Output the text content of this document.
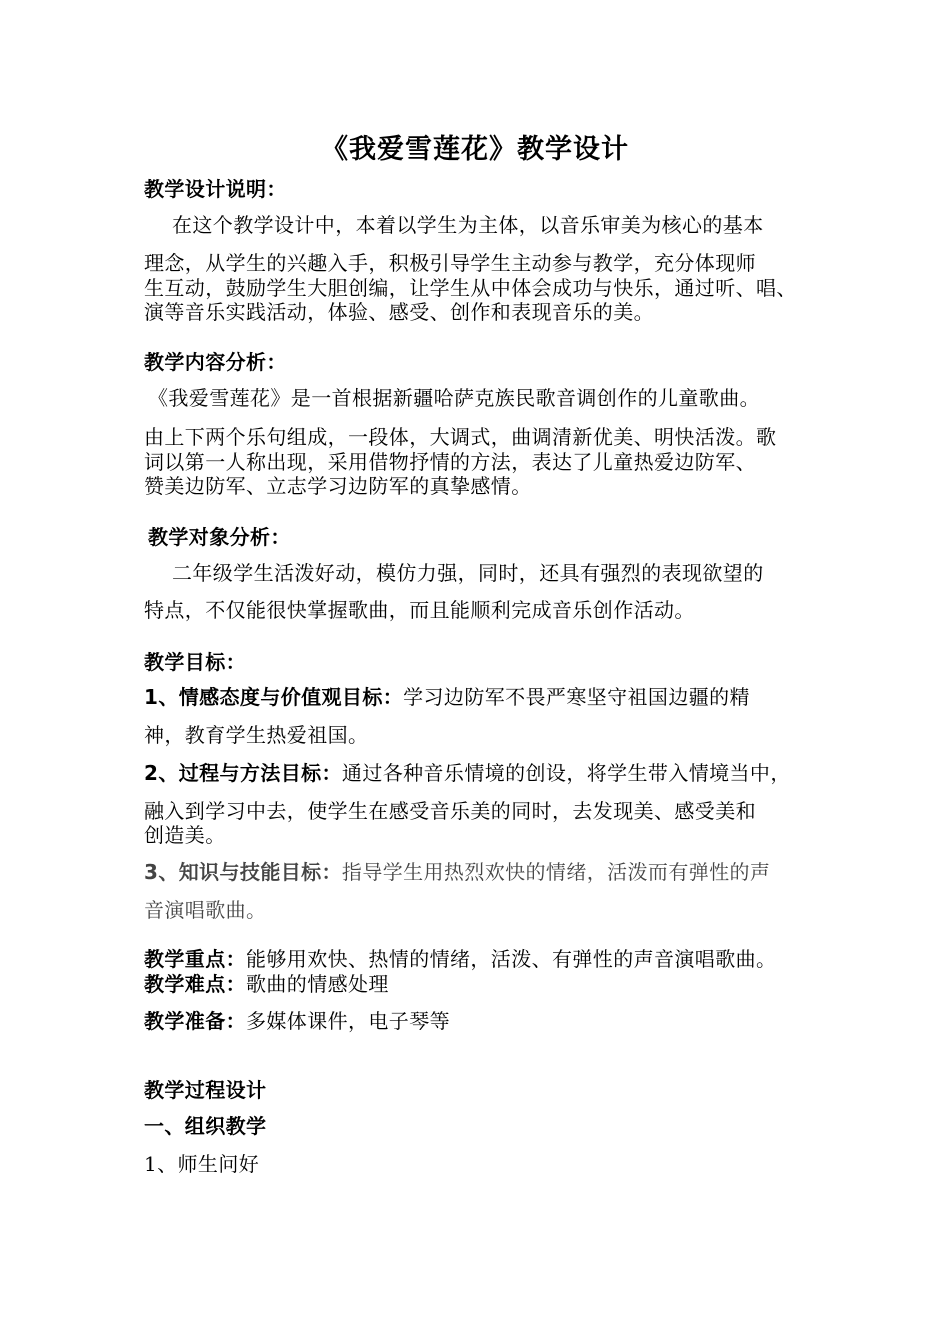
《我爱雪莲花》教学设计
教学设计说明：
在这个教学设计中，本着以学生为主体，以音乐审美为核心的基本
理念，从学生的兴趣入手，积极引导学生主动参与教学，充分体现师
生互动，鼓励学生大胆创编，让学生从中体会成功与快乐，通过听、唱、
演等音乐实践活动，体验、感受、创作和表现音乐的美。
教学内容分析：
《我爱雪莲花》是一首根据新疆哈萨克族民歌音调创作的儿童歌曲。
由上下两个乐句组成，一段体，大调式，曲调清新优美、明快活泼。歌
词以第一人称出现，采用借物抒情的方法，表达了儿童热爱边防军、
赞美边防军、立志学习边防军的真挚感情。
教学对象分析：
二年级学生活泼好动，模仿力强，同时，还具有强烈的表现欲望的
特点，不仅能很快掌握歌曲，而且能顺利完成音乐创作活动。
教学目标：
1、情感态度与价值观目标：学习边防军不畏严寒坚守祖国边疆的精
神，教育学生热爱祖国。
2、过程与方法目标：通过各种音乐情境的创设，将学生带入情境当中，
融入到学习中去，使学生在感受音乐美的同时，去发现美、感受美和
创造美。
3、知识与技能目标：指导学生用热烈欢快的情绪，活泼而有弹性的声
音演唱歌曲。
教学重点：能够用欢快、热情的情绪，活泼、有弹性的声音演唱歌曲。
教学难点：歌曲的情感处理
教学准备：多媒体课件，电子琴等
教学过程设计
一、组织教学
1、师生问好
